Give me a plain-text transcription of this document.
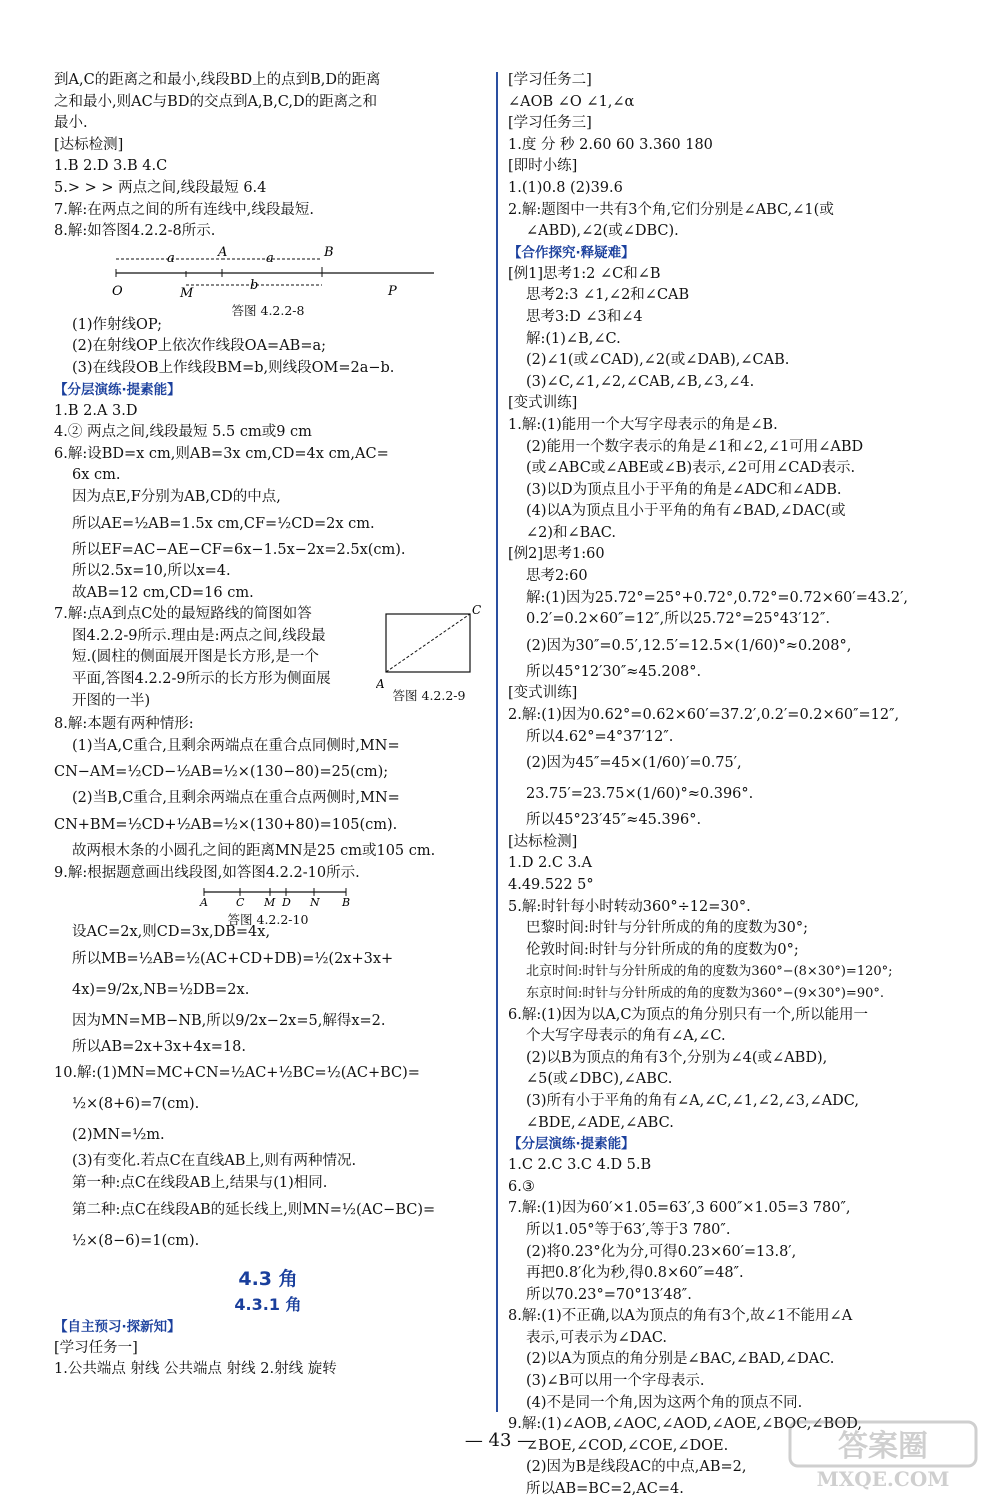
到A,C的距离之和最小,线段BD上的点到B,D的距离
之和最小,则AC与BD的交点到A,B,C,D的距离之和
最小.
[达标检测]
1.B 2.D 3.B 4.C
5.> > > 两点之间,线段最短 6.4
7.解:在两点之间的所有连线中,线段最短.
8.解:如答图4.2.2-8所示.
a	a
b
A	B
O	M	P
答图 4.2.2-8
(1)作射线OP;
(2)在射线OP上依次作线段OA=AB=a;
(3)在线段OB上作线段BM=b,则线段OM=2a−b.
【分层演练·提素能】
1.B 2.A 3.D
4.② 两点之间,线段最短 5.5 cm或9 cm
6.解:设BD=x cm,则AB=3x cm,CD=4x cm,AC=
6x cm.
因为点E,F分别为AB,CD的中点,
所以AE=½AB=1.5x cm,CF=½CD=2x cm.
所以EF=AC−AE−CF=6x−1.5x−2x=2.5x(cm).
所以2.5x=10,所以x=4.
故AB=12 cm,CD=16 cm.
7.解:点A到点C处的最短路线的简图如答
图4.2.2-9所示.理由是:两点之间,线段最
短.(圆柱的侧面展开图是长方形,是一个
平面,答图4.2.2-9所示的长方形为侧面展
开图的一半)
C
A
答图 4.2.2-9
8.解:本题有两种情形:
(1)当A,C重合,且剩余两端点在重合点同侧时,MN=
CN−AM=½CD−½AB=½×(130−80)=25(cm);
(2)当B,C重合,且剩余两端点在重合点两侧时,MN=
CN+BM=½CD+½AB=½×(130+80)=105(cm).
故两根木条的小圆孔之间的距离MN是25 cm或105 cm.
9.解:根据题意画出线段图,如答图4.2.2-10所示.
A	C M D N B
答图 4.2.2-10
设AC=2x,则CD=3x,DB=4x,
所以MB=½AB=½(AC+CD+DB)=½(2x+3x+
4x)=9/2x,NB=½DB=2x.
因为MN=MB−NB,所以9/2x−2x=5,解得x=2.
所以AB=2x+3x+4x=18.
10.解:(1)MN=MC+CN=½AC+½BC=½(AC+BC)=
½×(8+6)=7(cm).
(2)MN=½m.
(3)有变化.若点C在直线AB上,则有两种情况.
第一种:点C在线段AB上,结果与(1)相同.
第二种:点C在线段AB的延长线上,则MN=½(AC−BC)=
½×(8−6)=1(cm).
4.3 角
4.3.1 角
【自主预习·探新知】
[学习任务一]
1.公共端点 射线 公共端点 射线 2.射线 旋转
[学习任务二]
∠AOB ∠O ∠1,∠α
[学习任务三]
1.度 分 秒 2.60 60 3.360 180
[即时小练]
1.(1)0.8 (2)39.6
2.解:题图中一共有3个角,它们分别是∠ABC,∠1(或
∠ABD),∠2(或∠DBC).
【合作探究·释疑难】
[例1]思考1:2 ∠C和∠B
思考2:3 ∠1,∠2和∠CAB
思考3:D ∠3和∠4
解:(1)∠B,∠C.
(2)∠1(或∠CAD),∠2(或∠DAB),∠CAB.
(3)∠C,∠1,∠2,∠CAB,∠B,∠3,∠4.
[变式训练]
1.解:(1)能用一个大写字母表示的角是∠B.
(2)能用一个数字表示的角是∠1和∠2,∠1可用∠ABD
(或∠ABC或∠ABE或∠B)表示,∠2可用∠CAD表示.
(3)以D为顶点且小于平角的角是∠ADC和∠ADB.
(4)以A为顶点且小于平角的角有∠BAD,∠DAC(或
∠2)和∠BAC.
[例2]思考1:60
思考2:60
解:(1)因为25.72°=25°+0.72°,0.72°=0.72×60′=43.2′,
0.2′=0.2×60″=12″,所以25.72°=25°43′12″.
(2)因为30″=0.5′,12.5′=12.5×(1/60)°≈0.208°,
所以45°12′30″≈45.208°.
[变式训练]
2.解:(1)因为0.62°=0.62×60′=37.2′,0.2′=0.2×60″=12″,
所以4.62°=4°37′12″.
(2)因为45″=45×(1/60)′=0.75′,
23.75′=23.75×(1/60)°≈0.396°.
所以45°23′45″≈45.396°.
[达标检测]
1.D 2.C 3.A
4.49.522 5°
5.解:时针每小时转动360°÷12=30°.
巴黎时间:时针与分针所成的角的度数为30°;
伦敦时间:时针与分针所成的角的度数为0°;
北京时间:时针与分针所成的角的度数为360°−(8×30°)=120°;
东京时间:时针与分针所成的角的度数为360°−(9×30°)=90°.
6.解:(1)因为以A,C为顶点的角分别只有一个,所以能用一
个大写字母表示的角有∠A,∠C.
(2)以B为顶点的角有3个,分别为∠4(或∠ABD),
∠5(或∠DBC),∠ABC.
(3)所有小于平角的角有∠A,∠C,∠1,∠2,∠3,∠ADC,
∠BDE,∠ADE,∠ABC.
【分层演练·提素能】
1.C 2.C 3.C 4.D 5.B
6.③
7.解:(1)因为60′×1.05=63′,3 600″×1.05=3 780″,
所以1.05°等于63′,等于3 780″.
(2)将0.23°化为分,可得0.23×60′=13.8′,
再把0.8′化为秒,得0.8×60″=48″.
所以70.23°=70°13′48″.
8.解:(1)不正确,以A为顶点的角有3个,故∠1不能用∠A
表示,可表示为∠DAC.
(2)以A为顶点的角分别是∠BAC,∠BAD,∠DAC.
(3)∠B可以用一个字母表示.
(4)不是同一个角,因为这两个角的顶点不同.
9.解:(1)∠AOB,∠AOC,∠AOD,∠AOE,∠BOC,∠BOD,
∠BOE,∠COD,∠COE,∠DOE.
(2)因为B是线段AC的中点,AB=2,
所以AB=BC=2,AC=4.
— 43 —	答案圈
MXQE.COM
